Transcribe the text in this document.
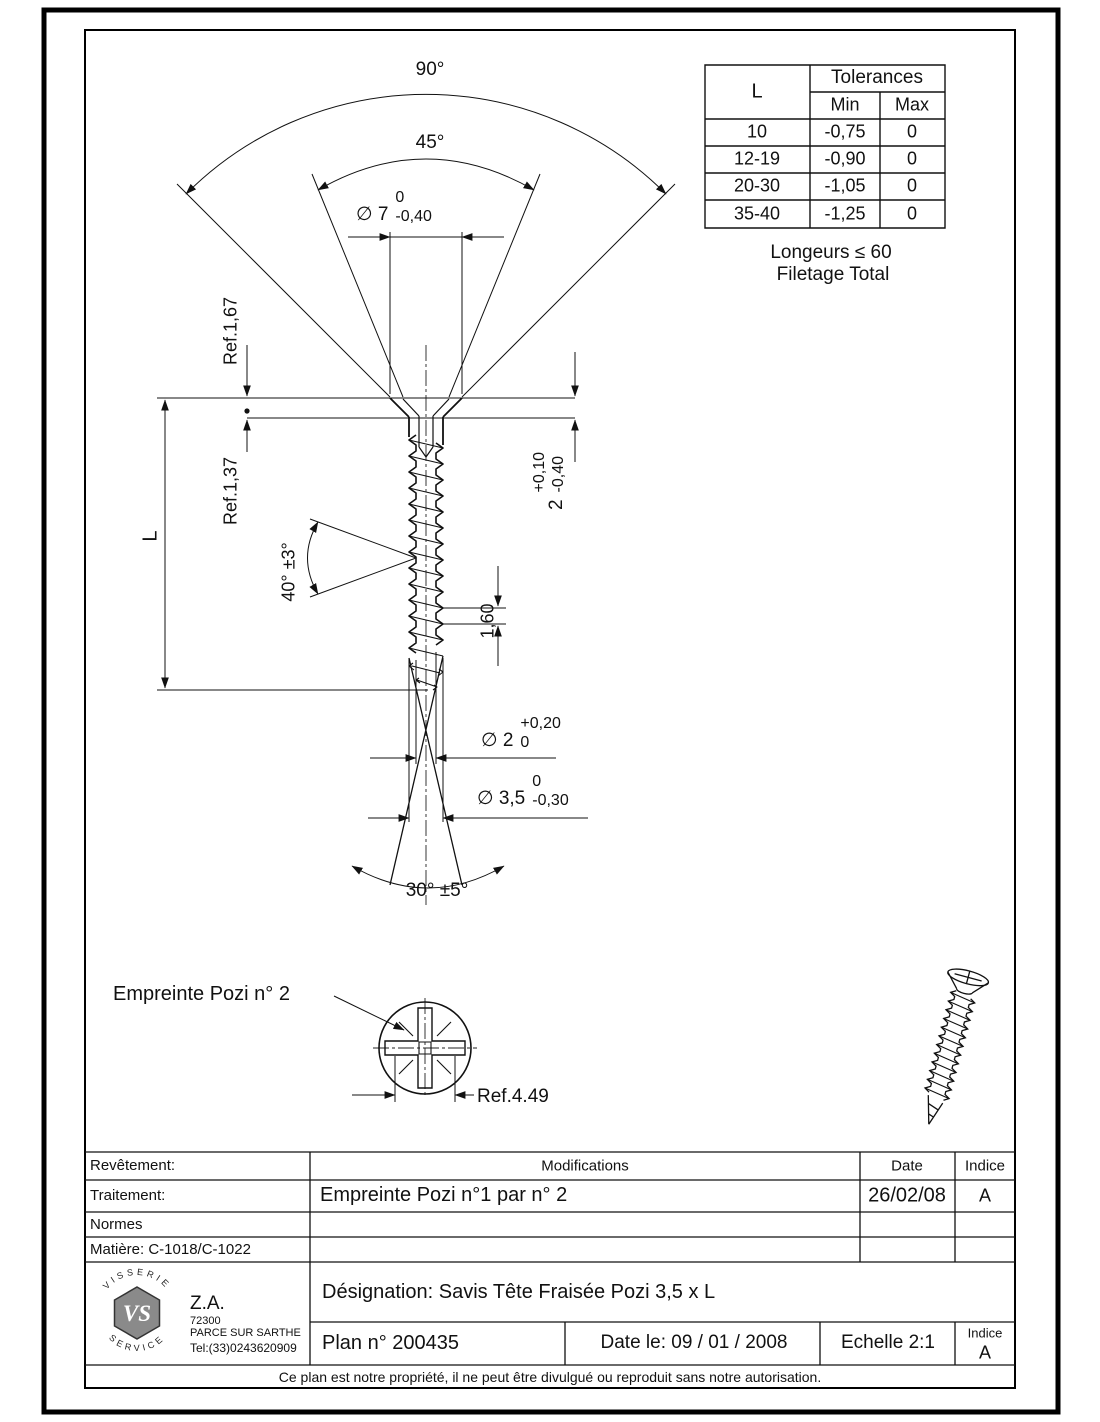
VS
VISSERIE
SERVICE
90°
45°
∅ 7
0
-0,40
Ref.1,67
Ref.1,37
L
40° ±3°
2
+0,10 -0,40
1,60
∅ 2
+0,20
0
∅ 3,5
0
-0,30
30° ±5°
Empreinte Pozi n° 2
Ref.4.49
Longeurs ≤ 60
Filetage Total
L
Tolerances
Min Max
10	-0,75 0
12-19 -0,90 0
20-30 -1,05 0
35-40 -1,25 0
Revêtement:	Modifications	Date	Indice
Traitement:	Empreinte Pozi n°1 par n° 2	26/02/08 A
Normes
Matière: C-1018/C-1022
Désignation: Savis Tête Fraisée Pozi 3,5 x L
Plan n° 200435	Date le: 09 / 01 / 2008	Echelle 2:1	Indice
A
Z.A.
72300
PARCE SUR SARTHE
Tel:(33)0243620909
Ce plan est notre propriété, il ne peut être divulgué ou reproduit sans notre autorisation.
